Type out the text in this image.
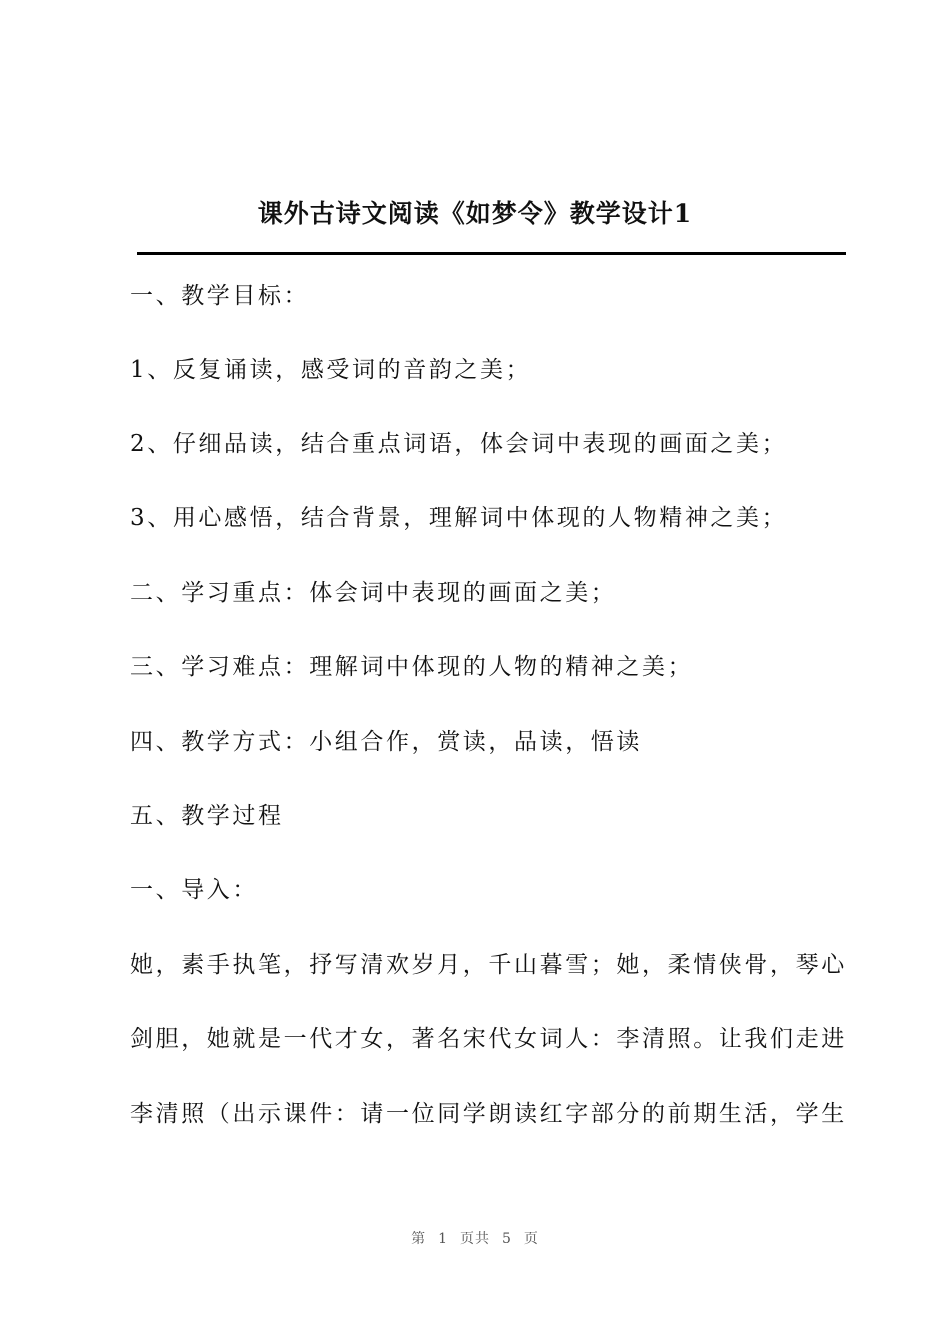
课外古诗文阅读《如梦令》教学设计1
一、教学目标：
1、反复诵读，感受词的音韵之美；
2、仔细品读，结合重点词语，体会词中表现的画面之美；
3、用心感悟，结合背景，理解词中体现的人物精神之美；
二、学习重点：体会词中表现的画面之美；
三、学习难点：理解词中体现的人物的精神之美；
四、教学方式：小组合作，赏读，品读，悟读
五、教学过程
一、导入：
她，素手执笔，抒写清欢岁月，千山暮雪；她，柔情侠骨，琴心
剑胆，她就是一代才女，著名宋代女词人：李清照。让我们走进
李清照（出示课件：请一位同学朗读红字部分的前期生活，学生
第 1 页共 5 页
